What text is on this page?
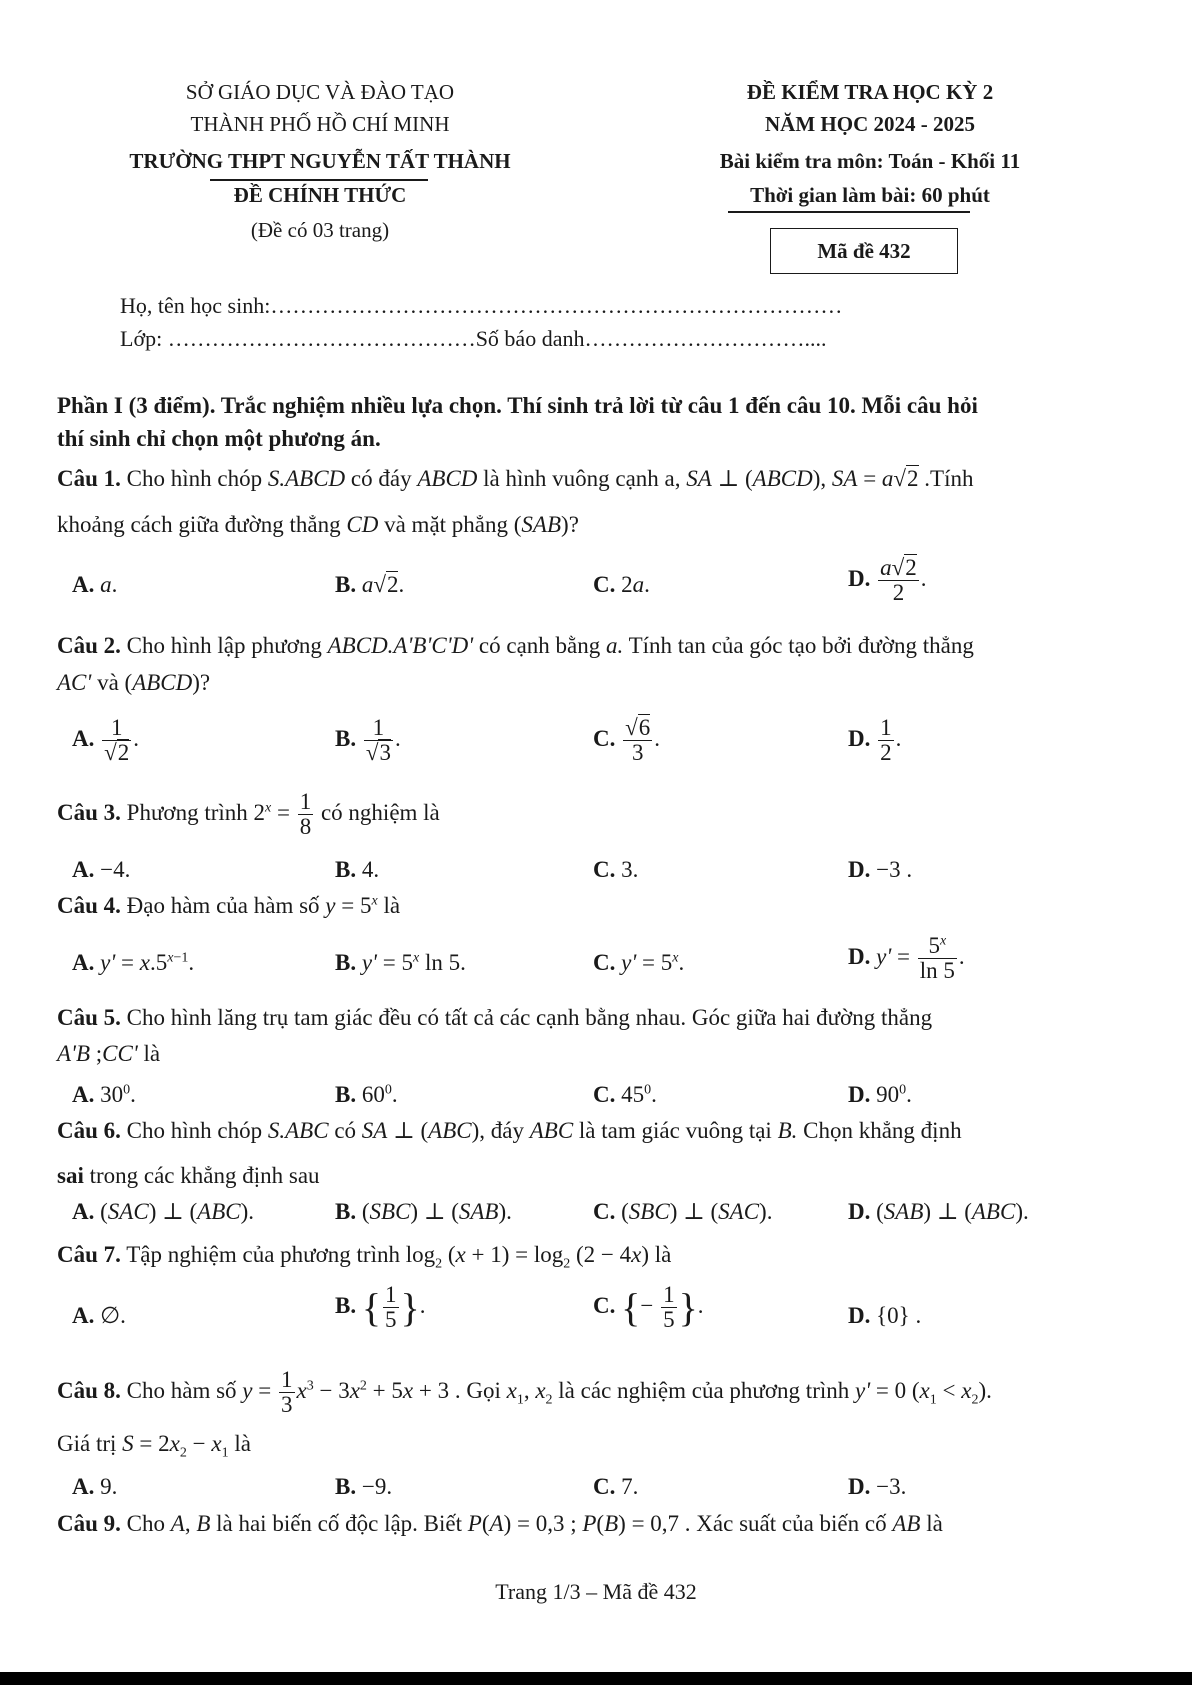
SỞ GIÁO DỤC VÀ ĐÀO TẠO
THÀNH PHỐ HỒ CHÍ MINH
TRƯỜNG THPT NGUYỄN TẤT THÀNH
ĐỀ CHÍNH THỨC
(Đề có 03 trang)
ĐỀ KIỂM TRA HỌC KỲ 2
NĂM HỌC 2024 - 2025
Bài kiểm tra môn: Toán - Khối 11
Thời gian làm bài: 60 phút
Mã đề 432
Họ, tên học sinh:……………………………………………………………………
Lớp: ……………………………………Số báo danh…………………………....
Phần I (3 điểm). Trắc nghiệm nhiều lựa chọn. Thí sinh trả lời từ câu 1 đến câu 10. Mỗi câu hỏi
thí sinh chỉ chọn một phương án.
Câu 1. Cho hình chóp S.ABCD có đáy ABCD là hình vuông cạnh a, SA ⊥ (ABCD), SA = a√2 .Tính
khoảng cách giữa đường thẳng CD và mặt phẳng (SAB)?
A. a.	B. a√2.	C. 2a.	D. $\frac{a√2}{2}$ .
Câu 2. Cho hình lập phương ABCD.A'B'C'D' có cạnh bằng a. Tính tan của góc tạo bởi đường thẳng
AC' và (ABCD)?
A. $\frac{1}{√2}$ .	B. $\frac{1}{√3}$ .	C. $\frac{√6}{3}$ .	D. $\frac{1}{2}$ .
Câu 3. Phương trình $2^x = \frac{1}{8}$ có nghiệm là
A. −4.	B. 4.	C. 3.	D. −3 .
Câu 4. Đạo hàm của hàm số $y = 5^x$ là
A. $y' = x.5^{x-1}$.	B. $y' = 5^x$ ln 5.	C. $y' = 5^x$.	D. $y' = \frac{5^x}{\ln 5}$ .
Câu 5. Cho hình lăng trụ tam giác đều có tất cả các cạnh bằng nhau. Góc giữa hai đường thẳng
A'B ;CC' là
A. $30^0$.	B. $60^0$.	C. $45^0$.	D. $90^0$.
Câu 6. Cho hình chóp S.ABC có SA ⊥ (ABC), đáy ABC là tam giác vuông tại B. Chọn khẳng định
sai trong các khẳng định sau
A. (SAC) ⊥ (ABC).	B. (SBC) ⊥ (SAB).	C. (SBC) ⊥ (SAC).	D. (SAB) ⊥ (ABC).
Câu 7. Tập nghiệm của phương trình $\log_2 (x + 1) = \log_2 (2 - 4x)$ là
A. ∅.	B. { $\frac{1}{5}$ }.	C. {− $\frac{1}{5}$ }.	D. {0} .
Câu 8. Cho hàm số $y = \frac{1}{3} x^3 - 3x^2 + 5x + 3$ . Gọi $x_1$, $x_2$ là các nghiệm của phương trình y' = 0 $(x_1 < x_2)$.
Giá trị $S = 2x_2 - x_1$ là
A. 9.	B. −9.	C. 7.	D. −3.
Câu 9. Cho A, B là hai biến cố độc lập. Biết P(A) = 0,3 ; P(B) = 0,7 . Xác suất của biến cố AB là
Trang 1/3 – Mã đề 432
